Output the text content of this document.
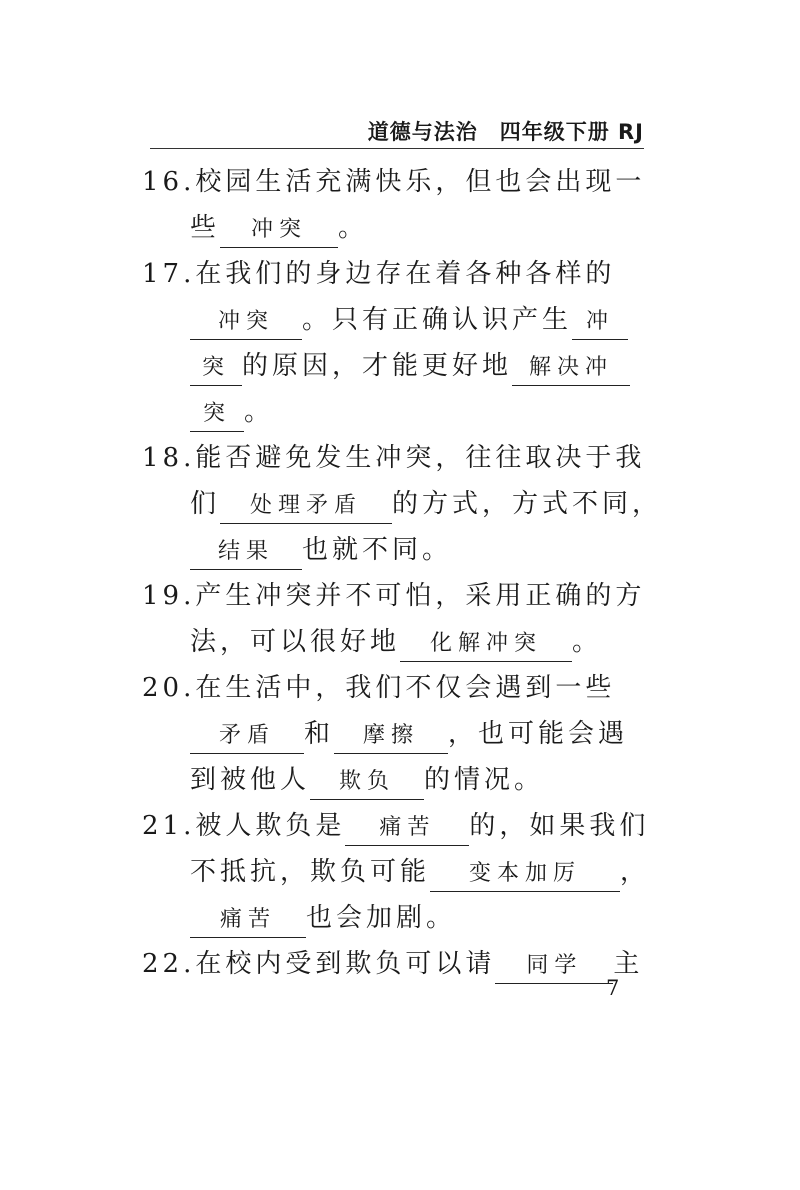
道德与法治　四年级下册 RJ
16.校园生活充满快乐，但也会出现一
些 冲突 。
17.在我们的身边存在着各种各样的
冲突 。只有正确认识产生 冲
突 的原因，才能更好地 解决冲
突 。
18.能否避免发生冲突，往往取决于我
们 处理矛盾 的方式，方式不同，
结果 也就不同。
19.产生冲突并不可怕，采用正确的方
法，可以很好地 化解冲突 。
20.在生活中，我们不仅会遇到一些
矛盾 和 摩擦 ，也可能会遇
到被他人 欺负 的情况。
21.被人欺负是 痛苦 的，如果我们
不抵抗，欺负可能 变本加厉 ，
痛苦 也会加剧。
22.在校内受到欺负可以请 同学 主
7
